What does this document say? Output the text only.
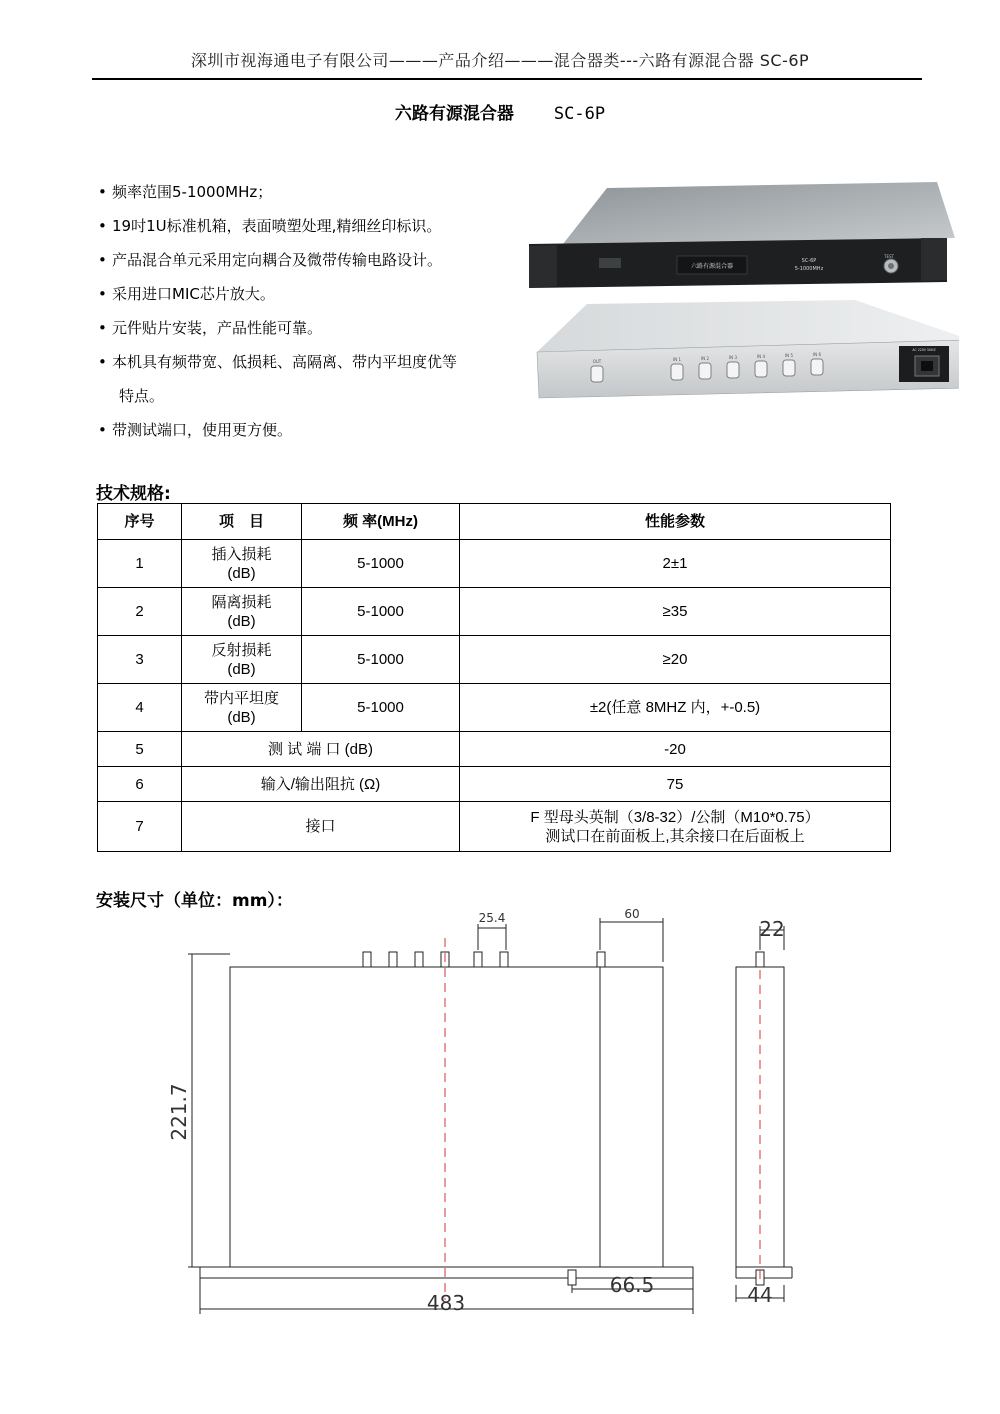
深圳市视海通电子有限公司———产品介绍———混合器类---六路有源混合器 SC-6P
六路有源混合器 SC-6P
• 频率范围5-1000MHz；
• 19吋1U标准机箱，表面喷塑处理,精细丝印标识。
• 产品混合单元采用定向耦合及微带传输电路设计。
• 采用进口MIC芯片放大。
• 元件贴片安装，产品性能可靠。
• 本机具有频带宽、低损耗、高隔离、带内平坦度优等
特点。
• 带测试端口，使用更方便。
六路有源混合器
SC-6P
5-1000MHz
TEST
OUT	IN 1	IN 2	IN 3	IN 4	IN 5	IN 6
AC 220V 50HZ
技术规格:
序号	项　目	频 率(MHz)	性能参数
1	插入损耗
(dB)	5-1000	2±1
2	隔离损耗
(dB)	5-1000	≥35
3	反射损耗
(dB)	5-1000	≥20
4	带内平坦度
(dB)	5-1000	±2(任意 8MHZ 内，+-0.5)
5	测 试 端 口 (dB)		-20
6	输入/输出阻抗 (Ω)		75
7	接口		F 型母头英制（3/8-32）/公制（M10*0.75）
测试口在前面板上,其余接口在后面板上
安装尺寸（单位：mm）：
25.4	60
221.7
483
66.5
22
44
